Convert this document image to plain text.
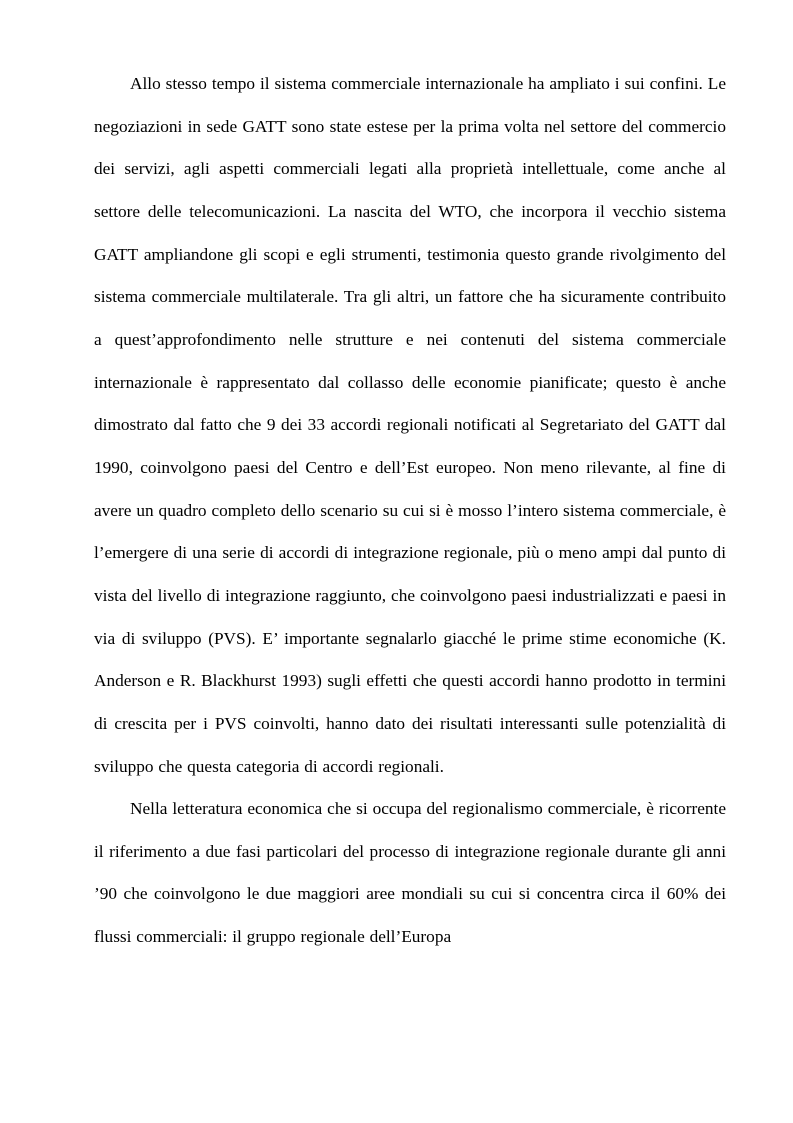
Allo stesso tempo il sistema commerciale internazionale ha ampliato i sui confini. Le negoziazioni in sede GATT sono state estese per la prima volta nel settore del commercio dei servizi, agli aspetti commerciali legati alla proprietà intellettuale, come anche al settore delle telecomunicazioni. La nascita del WTO, che incorpora il vecchio sistema GATT ampliandone gli scopi e egli strumenti, testimonia questo grande rivolgimento del sistema commerciale multilaterale. Tra gli altri, un fattore che ha sicuramente contribuito a quest’approfondimento nelle strutture e nei contenuti del sistema commerciale internazionale è rappresentato dal collasso delle economie pianificate; questo è anche dimostrato dal fatto che 9 dei 33 accordi regionali notificati al Segretariato del GATT dal 1990, coinvolgono paesi del Centro e dell’Est europeo. Non meno rilevante, al fine di avere un quadro completo dello scenario su cui si è mosso l’intero sistema commerciale, è l’emergere di una serie di accordi di integrazione regionale, più o meno ampi dal punto di vista del livello di integrazione raggiunto, che coinvolgono paesi industrializzati e paesi in via di sviluppo (PVS). E’ importante segnalarlo giacché le prime stime economiche (K. Anderson e R. Blackhurst 1993) sugli effetti che questi accordi hanno prodotto in termini di crescita per i PVS coinvolti, hanno dato dei risultati interessanti sulle potenzialità di sviluppo che questa categoria di accordi regionali.

Nella letteratura economica che si occupa del regionalismo commerciale, è ricorrente il riferimento a due fasi particolari del processo di integrazione regionale durante gli anni ’90 che coinvolgono le due maggiori aree mondiali su cui si concentra circa il 60% dei flussi commerciali: il gruppo regionale dell’Europa
